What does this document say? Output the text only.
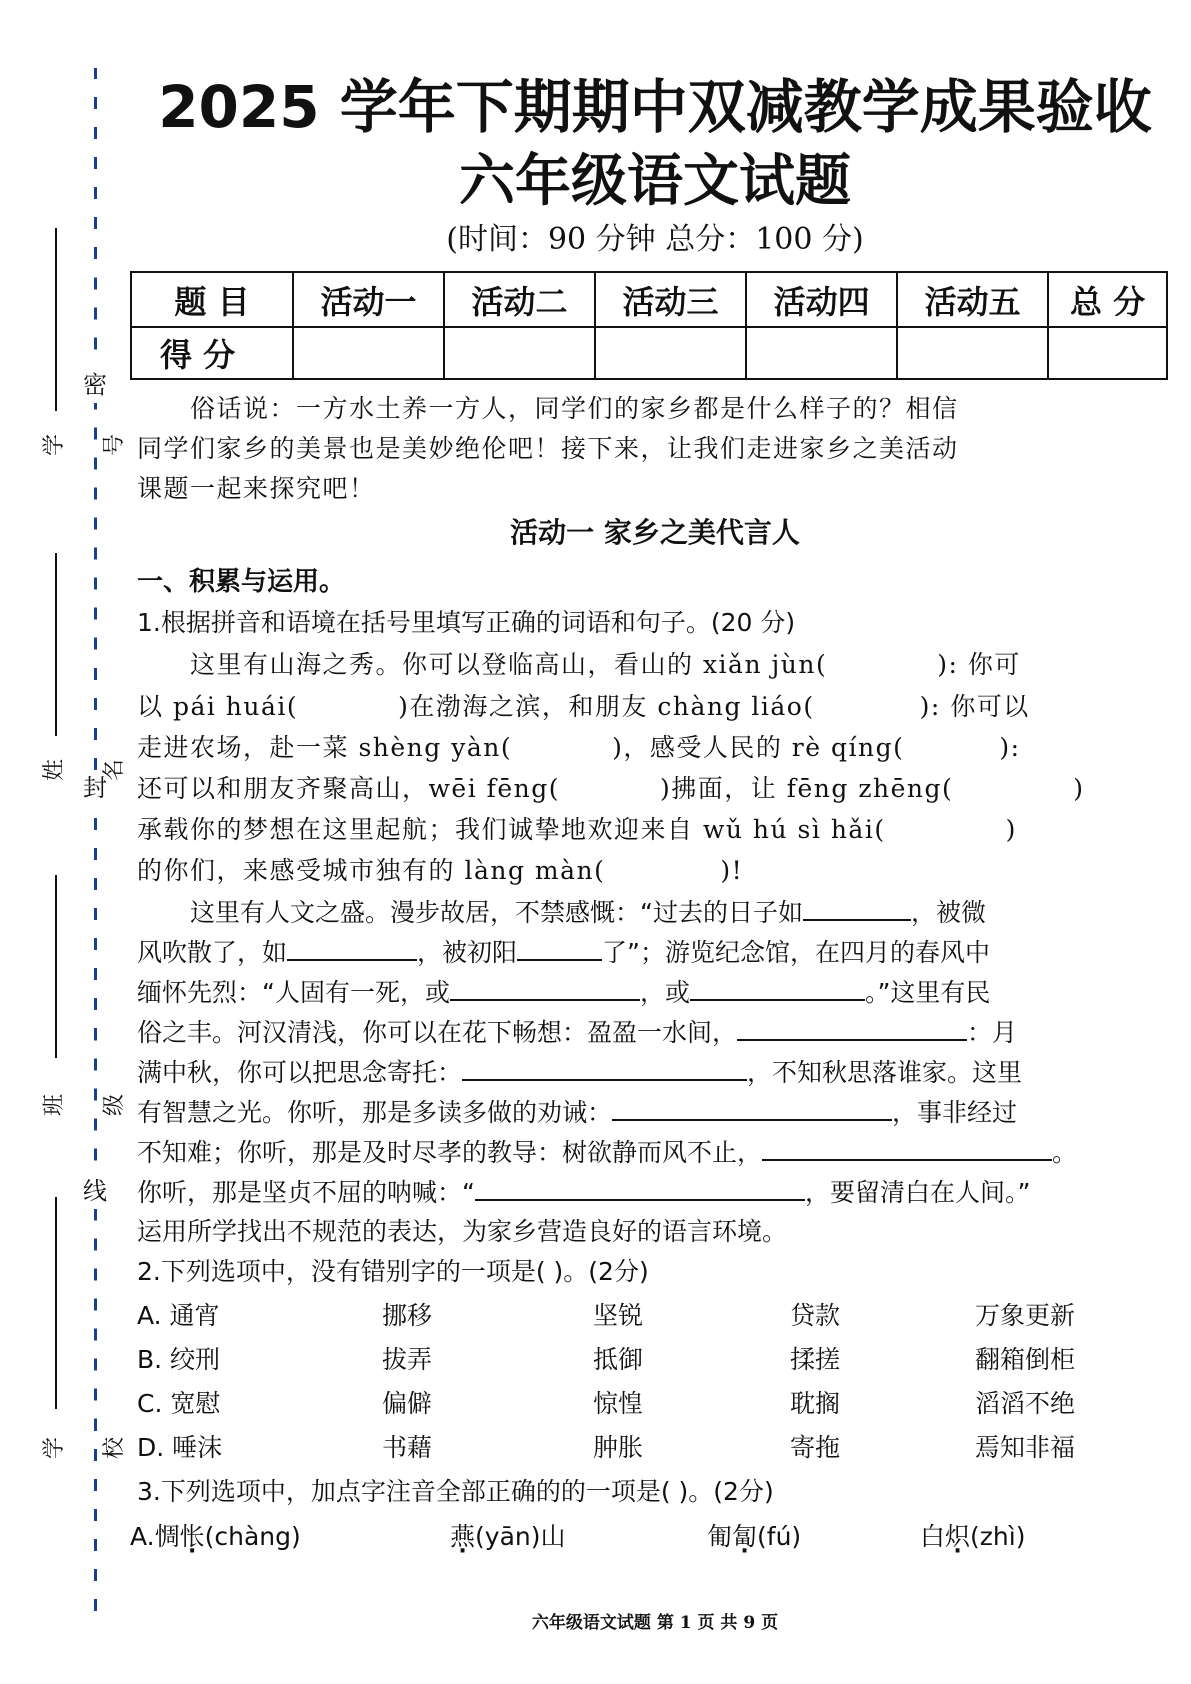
密
封
线
学号
姓名
班级
学校
2025 学年下期期中双减教学成果验收
六年级语文试题
(时间：90 分钟 总分：100 分)
题 目	活动一	活动二	活动三	活动四	活动五	总 分
得 分						
俗话说：一方水土养一方人，同学们的家乡都是什么样子的？相信
同学们家乡的美景也是美妙绝伦吧！接下来，让我们走进家乡之美活动
课题一起来探究吧！
活动一 家乡之美代言人
一、积累与运用。
1.根据拼音和语境在括号里填写正确的词语和句子。(20 分)
这里有山海之秀。你可以登临高山，看山的 xiǎn jùn(	): 你可
以 pái huái(	)在渤海之滨，和朋友 chàng liáo(	): 你可以
走进农场，赴一菜 shèng yàn(	)，感受人民的 rè qíng(	):
还可以和朋友齐聚高山，wēi fēng(	)拂面，让 fēng zhēng(	)
承载你的梦想在这里起航；我们诚挚地欢迎来自 wǔ hú sì hǎi(	)
的你们，来感受城市独有的 làng màn(	)!
这里有人文之盛。漫步故居，不禁感慨：“过去的日子如	，被微
风吹散了，如	，被初阳	了”；游览纪念馆，在四月的春风中
缅怀先烈：“人固有一死，或	，或	。”这里有民
俗之丰。河汉清浅，你可以在花下畅想：盈盈一水间，	：月
满中秋，你可以把思念寄托：	，不知秋思落谁家。这里
有智慧之光。你听，那是多读多做的劝诫：	，事非经过
不知难；你听，那是及时尽孝的教导：树欲静而风不止，	。
你听，那是坚贞不屈的呐喊：“	，要留清白在人间。”
运用所学找出不规范的表达，为家乡营造良好的语言环境。
2.下列选项中，没有错别字的一项是( )。(2分)
A. 通宵	挪移	坚锐	贷款	万象更新
B. 绞刑	拔弄	抵御	揉搓	翻箱倒柜
C. 宽慰	偏僻	惊惶	耽搁	滔滔不绝
D. 唾沫	书藉	肿胀	寄拖	焉知非福
3.下列选项中，加点字注音全部正确的的一项是( )。(2分)
A.惆怅(chàng)	燕(yān)山	匍匐(fú)	白炽(zhì)
六年级语文试题 第 1 页 共 9 页
